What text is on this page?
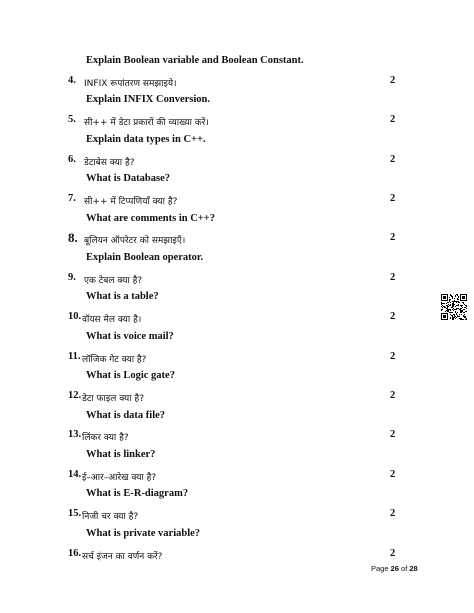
Explain Boolean variable and Boolean Constant.
4. INFIX रूपांतरण समझाइये।	2
Explain INFIX Conversion.
5. सी++ में डेटा प्रकारों की व्याख्या करें।	2
Explain data types in C++.
6. डेटाबेस क्या है?	2
What is Database?
7. सी++ में टिप्पणियाँ क्या है?	2
What are comments in C++?
8. बूलियन ऑपरेटर को समझाइएँ।	2
Explain Boolean operator.
9. एक टेबल क्या है?	2
What is a table?
10. वॉयस मेल क्या है।	2
What is voice mail?
11. लॉजिक गेट क्या है?	2
What is Logic gate?
12. डेटा फाइल क्या है?	2
What is data file?
13. लिंकर क्या है?	2
What is linker?
14. ई–आर–आरेख क्या है?	2
What is E-R-diagram?
15. निजी चर क्या है?	2
What is private variable?
16. सर्च इंजन का वर्णन करें?	2
Page 26 of 28
